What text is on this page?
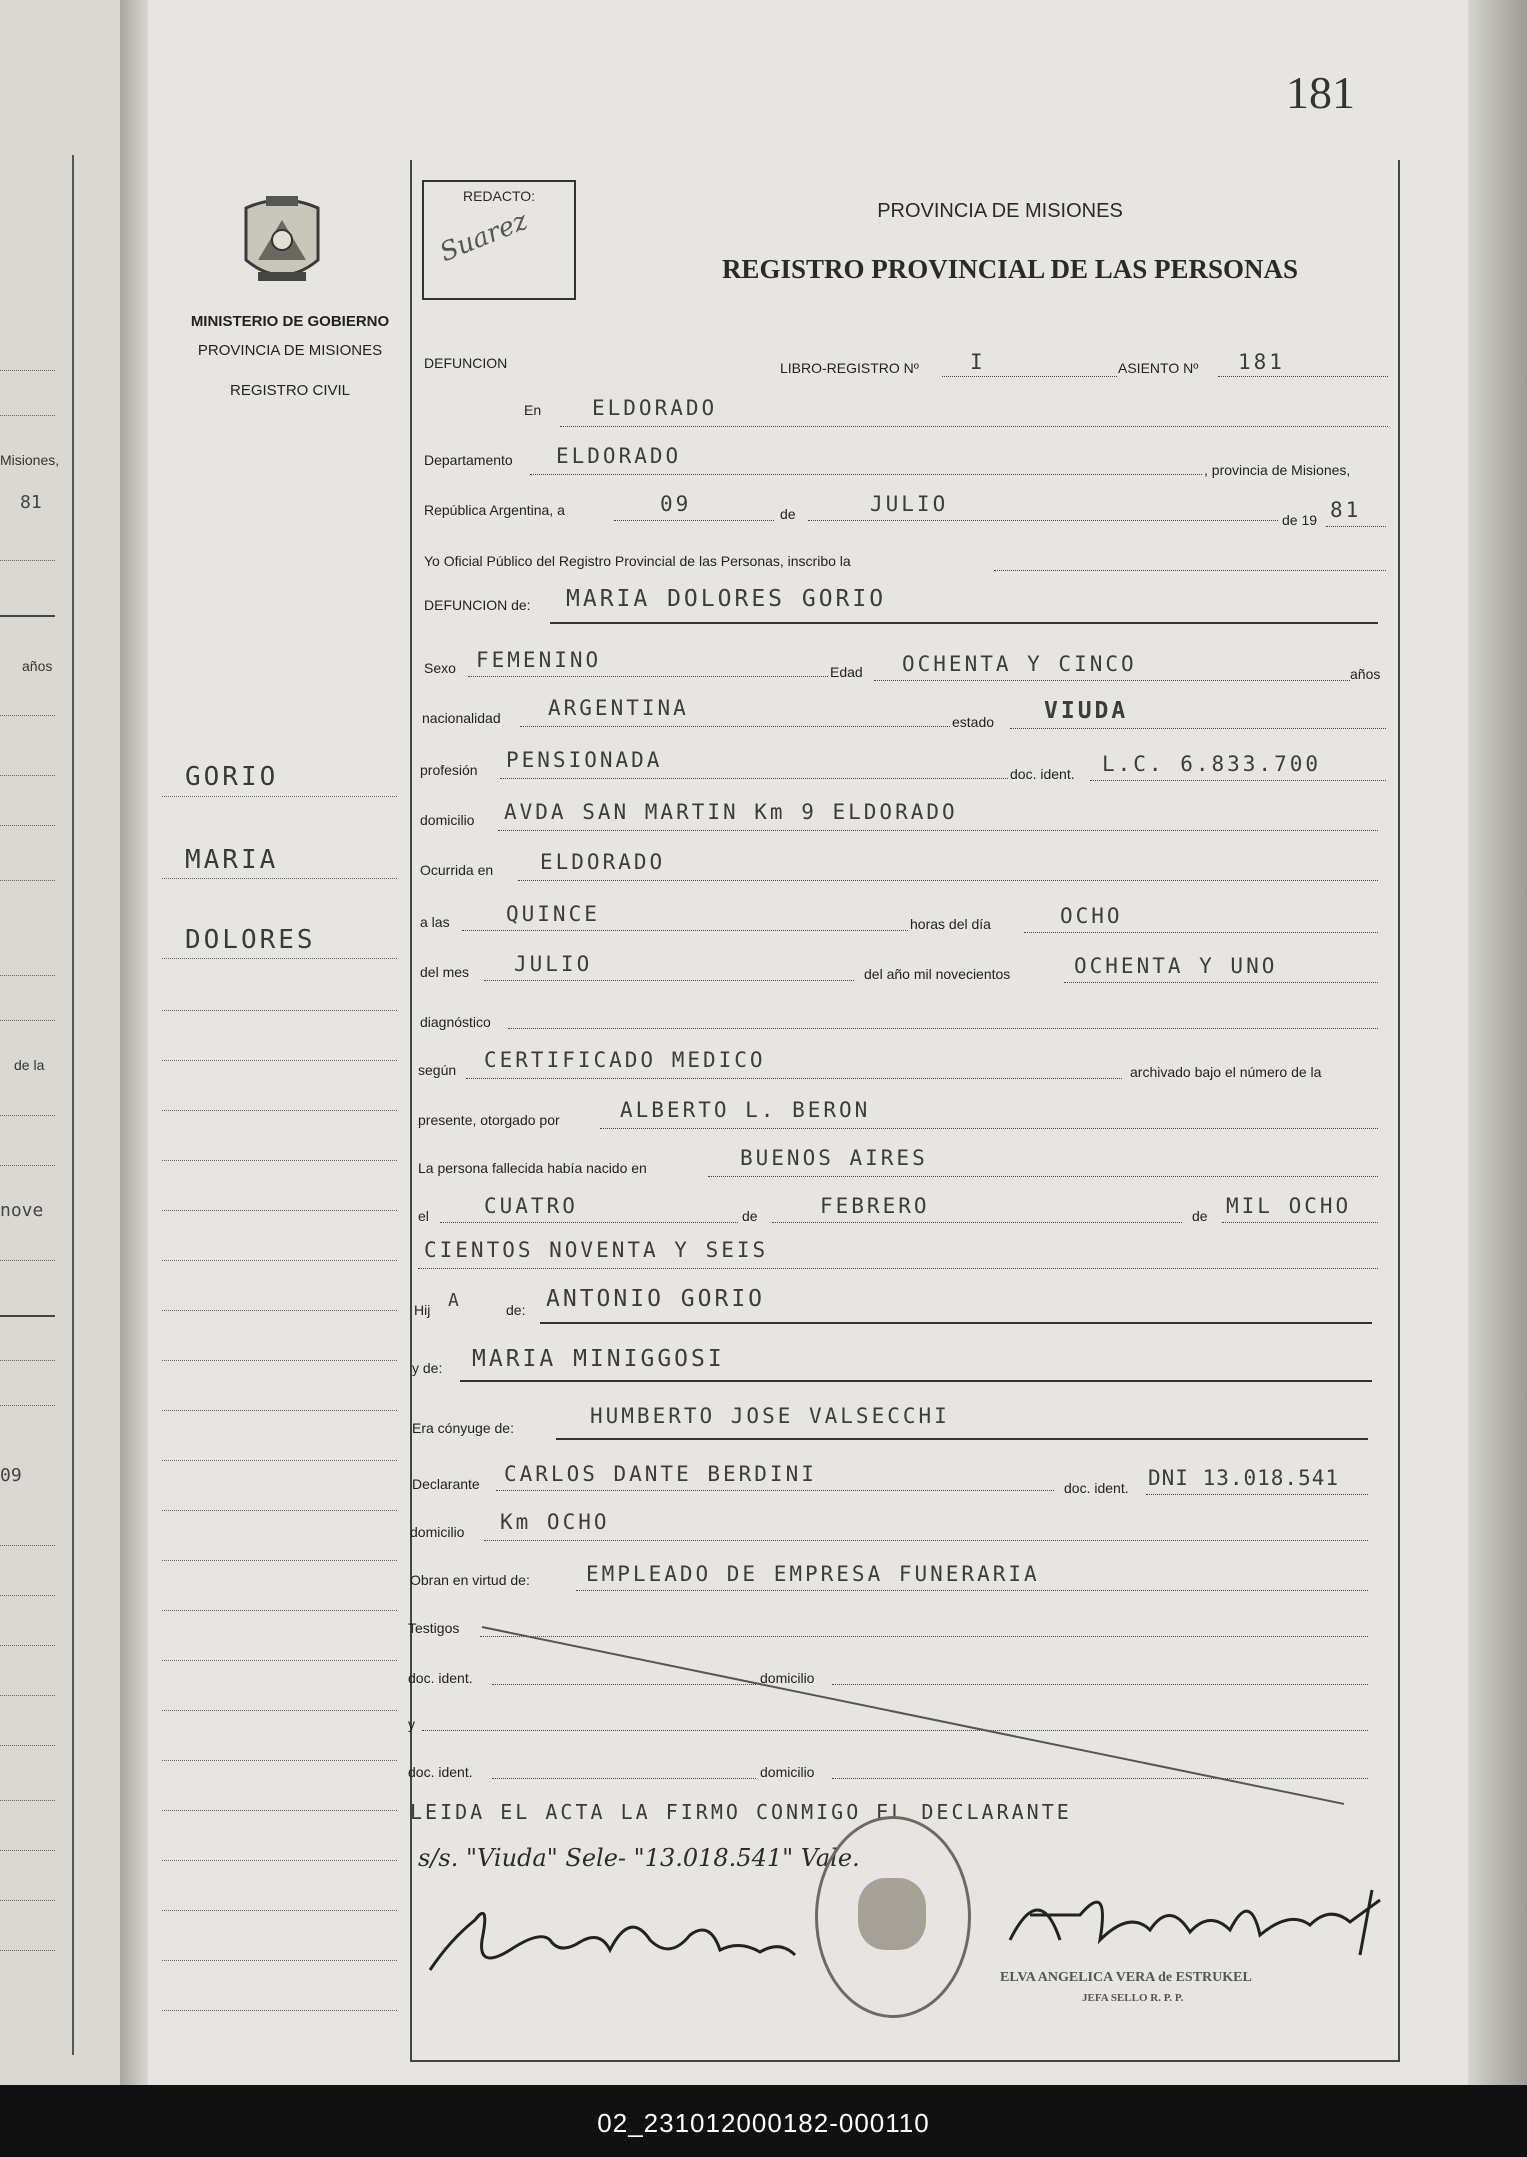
Misiones,
81
años
de la
nove
09
181
MINISTERIO DE GOBIERNO
PROVINCIA DE MISIONES
REGISTRO CIVIL
REDACTO:
Suarez	PROVINCIA DE MISIONES
REGISTRO PROVINCIAL DE LAS PERSONAS
GORIO
MARIA
DOLORES
DEFUNCION	LIBRO-REGISTRO Nº I	ASIENTO Nº 181
En ELDORADO
Departamento ELDORADO
, provincia de Misiones,
República Argentina, a	09	de	JULIO
de 19 81
Yo Oficial Público del Registro Provincial de las Personas, inscribo la
DEFUNCION de: MARIA DOLORES GORIO
Sexo FEMENINO	Edad OCHENTA Y CINCO	años
nacionalidad ARGENTINA
estado VIUDA
profesión PENSIONADA
doc. ident. L.C. 6.833.700
domicilio AVDA SAN MARTIN Km 9 ELDORADO
Ocurrida en ELDORADO
a las	QUINCE	horas del día	OCHO
del mes JULIO	del año mil novecientos	OCHENTA Y UNO
diagnóstico
según CERTIFICADO MEDICO	archivado bajo el número de la
presente, otorgado por	ALBERTO L. BERON
La persona fallecida había nacido en	BUENOS AIRES
el	CUATRO	de	FEBRERO	de MIL OCHO
CIENTOS NOVENTA Y SEIS
Hij A	de: ANTONIO GORIO
y de: MARIA MINIGGOSI
Era cónyuge de:	HUMBERTO JOSE VALSECCHI
Declarante CARLOS DANTE BERDINI
doc. ident. DNI 13.018.541
domicilio Km OCHO
Obran en virtud de:	EMPLEADO DE EMPRESA FUNERARIA
Testigos
doc. ident.	domicilio
y
doc. ident.	domicilio
LEIDA EL ACTA LA FIRMO CONMIGO EL DECLARANTE
s/s. "Viuda" Sele- "13.018.541" Vale.
ELVA ANGELICA VERA de ESTRUKEL
JEFA SELLO R. P. P.
02_231012000182-000110
